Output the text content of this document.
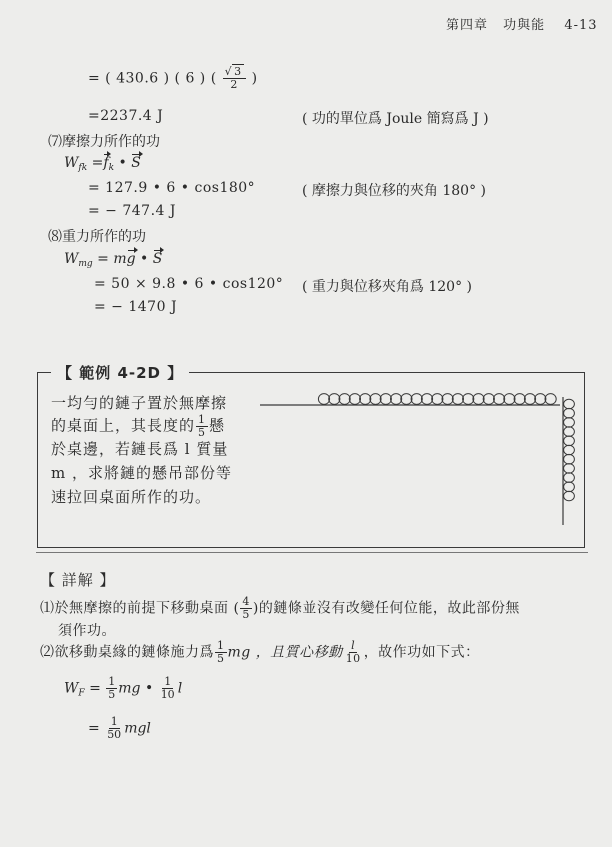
第四章 功與能 4-13
= ( 430.6 ) ( 6 ) ( $\frac{√ 3}{2}$ )
=2237.4 J	( 功的單位爲 Joule 簡寫爲 J )
⑺摩擦力所作的功
$W_{fk} =f_k$ • S
= 127.9 • 6 • cos180°	( 摩擦力與位移的夾角 180° )
= − 747.4 J
⑻重力所作的功
$W_{mg}$ = mg • S
= 50 × 9.8 • 6 • cos120° ( 重力與位移夾角爲 120° )
= − 1470 J
【 範例 4-2D 】
一均勻的鏈子置於無摩擦
的桌面上，其長度的 $\frac{1}{5}$ 懸
於桌邊，若鏈長爲 l 質量
m ，求將鏈的懸吊部份等
速拉回桌面所作的功。
【 詳解 】
⑴於無摩擦的前提下移動桌面 ( $\frac{4}{5}$ )的鏈條並沒有改變任何位能，故此部份無
須作功。
⑵欲移動桌緣的鏈條施力爲 $\frac{1}{5}$ mg ，且質心移動 $\frac{l}{10}$ ，故作功如下式：
$W_F = \frac{1}{5}$ mg • $\frac{1}{10}$ l
= $\frac{1}{50}$ mgl
